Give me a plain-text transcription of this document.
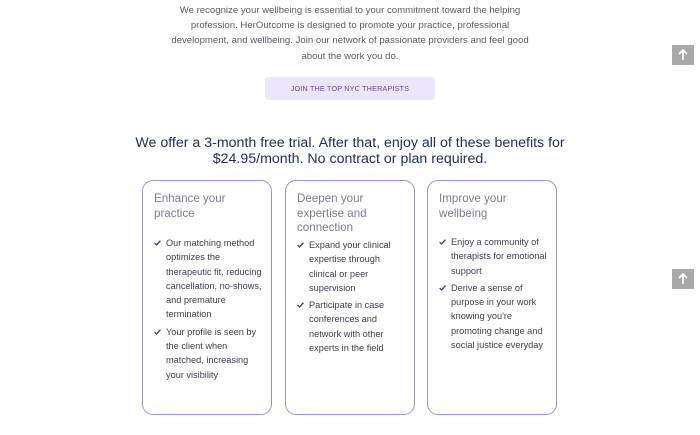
We recognize your wellbeing is essential to your commitment toward the helping

profession. HerOutcome is designed to promote your practice, professional

development, and wellbeing. Join our network of passionate providers and feel good

about the work you do.

JOIN THE TOP NYC THERAPISTS
We offer a 3-month free trial. After that, enjoy all of these benefits for
$24.95/month. No contract or plan required.
Enhance your practice
Our matching method optimizes the therapeutic fit, reducing cancellation, no-shows, and premature termination
Your profile is seen by the client when matched, increasing your visibility
Deepen your expertise and connection
Expand your clinical expertise through clinical or peer supervision
Participate in case conferences and network with other experts in the field
Improve your wellbeing
Enjoy a community of therapists for emotional support
Derive a sense of purpose in your work knowing you're promoting change and social justice everyday
